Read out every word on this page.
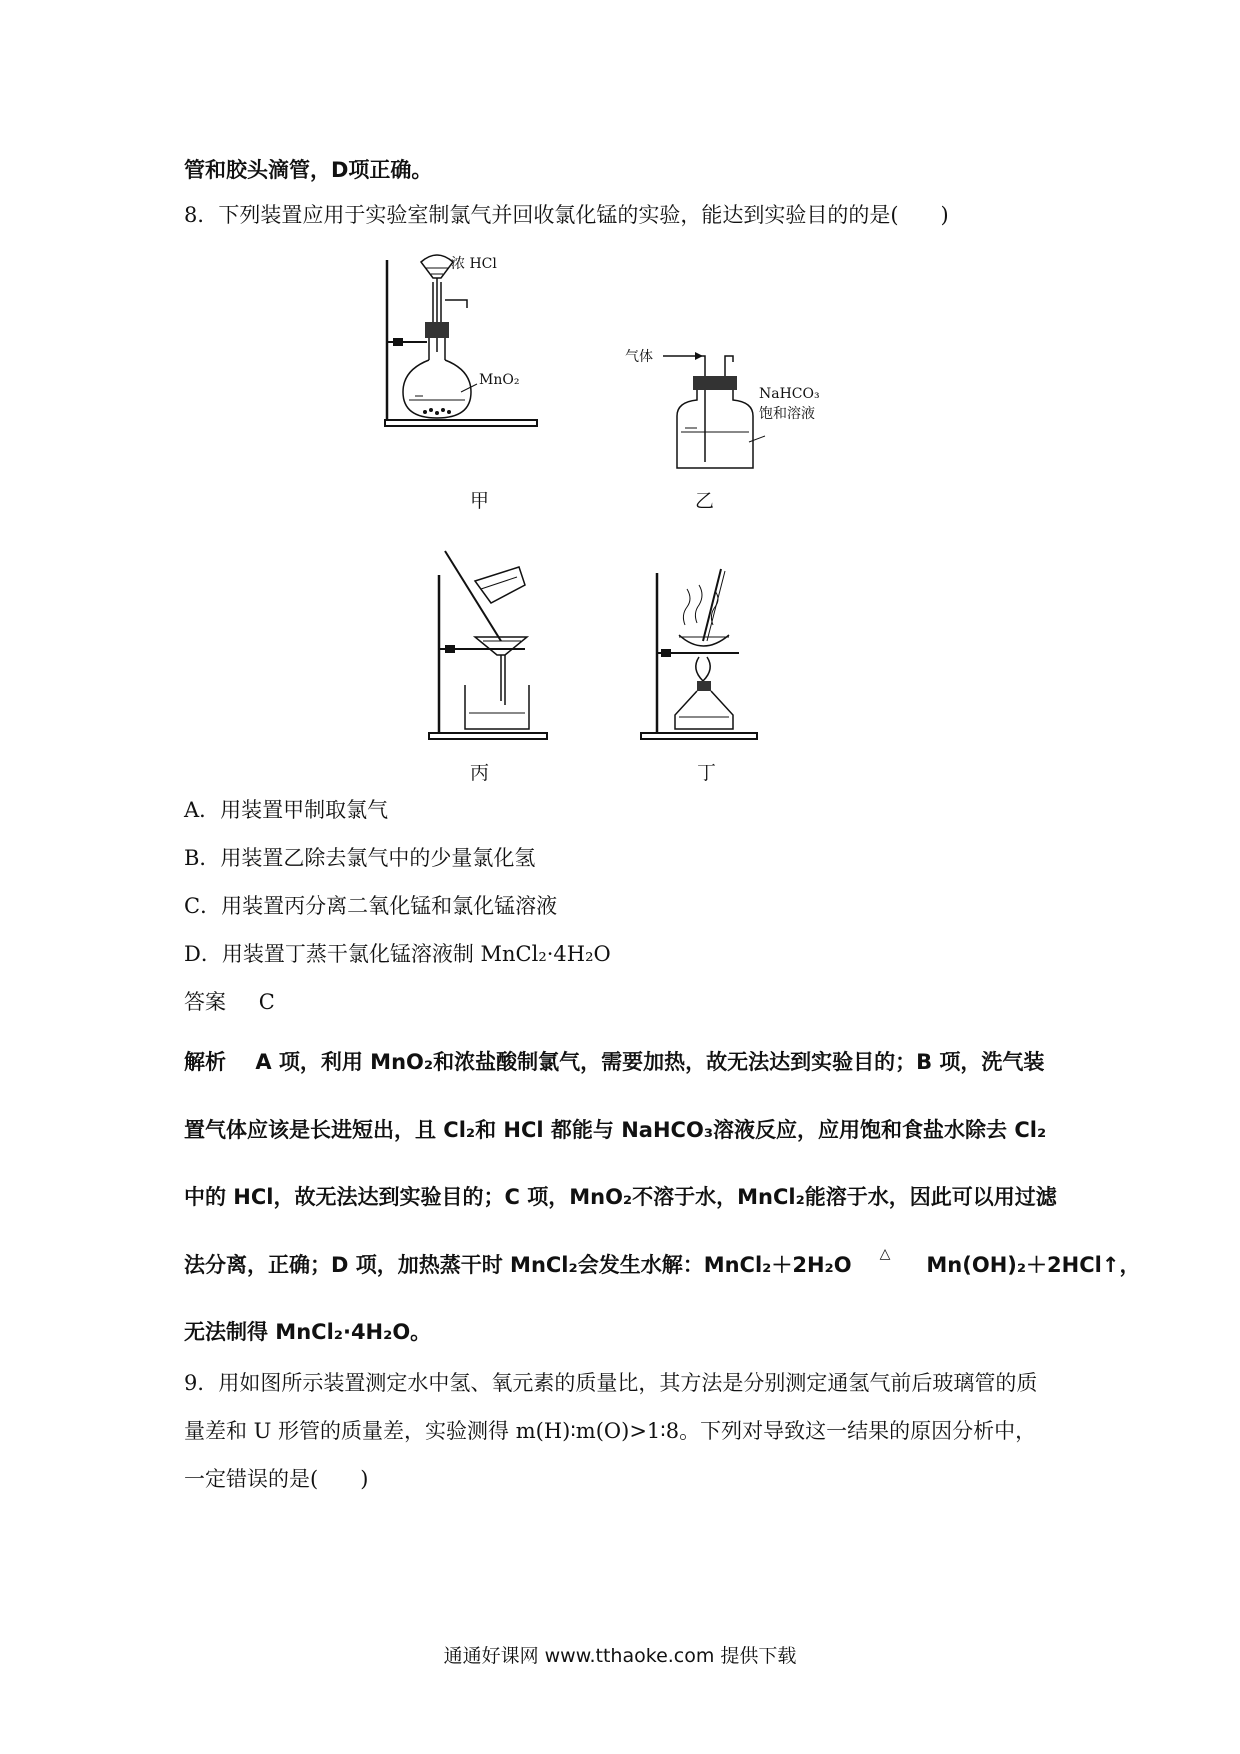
管和胶头滴管，D项正确。
8．下列装置应用于实验室制氯气并回收氯化锰的实验，能达到实验目的的是(　　)
浓 HCl
MnO₂
甲
气体
NaHCO₃
饱和溶液
乙
丙	丁
A．用装置甲制取氯气
B．用装置乙除去氯气中的少量氯化氢
C．用装置丙分离二氧化锰和氯化锰溶液
D．用装置丁蒸干氯化锰溶液制 MnCl₂·4H₂O
答案 C
解析 A 项，利用 MnO₂和浓盐酸制氯气，需要加热，故无法达到实验目的；B 项，洗气装
置气体应该是长进短出，且 Cl₂和 HCl 都能与 NaHCO₃溶液反应，应用饱和食盐水除去 Cl₂
中的 HCl，故无法达到实验目的；C 项，MnO₂不溶于水，MnCl₂能溶于水，因此可以用过滤
法分离，正确；D 项，加热蒸干时 MnCl₂会发生水解：MnCl₂＋2H₂O △ Mn(OH)₂＋2HCl↑，
无法制得 MnCl₂·4H₂O。
9．用如图所示装置测定水中氢、氧元素的质量比，其方法是分别测定通氢气前后玻璃管的质
量差和 U 形管的质量差，实验测得 m(H)∶m(O)>1∶8。下列对导致这一结果的原因分析中，
一定错误的是(　　)
通通好课网 www.tthaoke.com 提供下载
